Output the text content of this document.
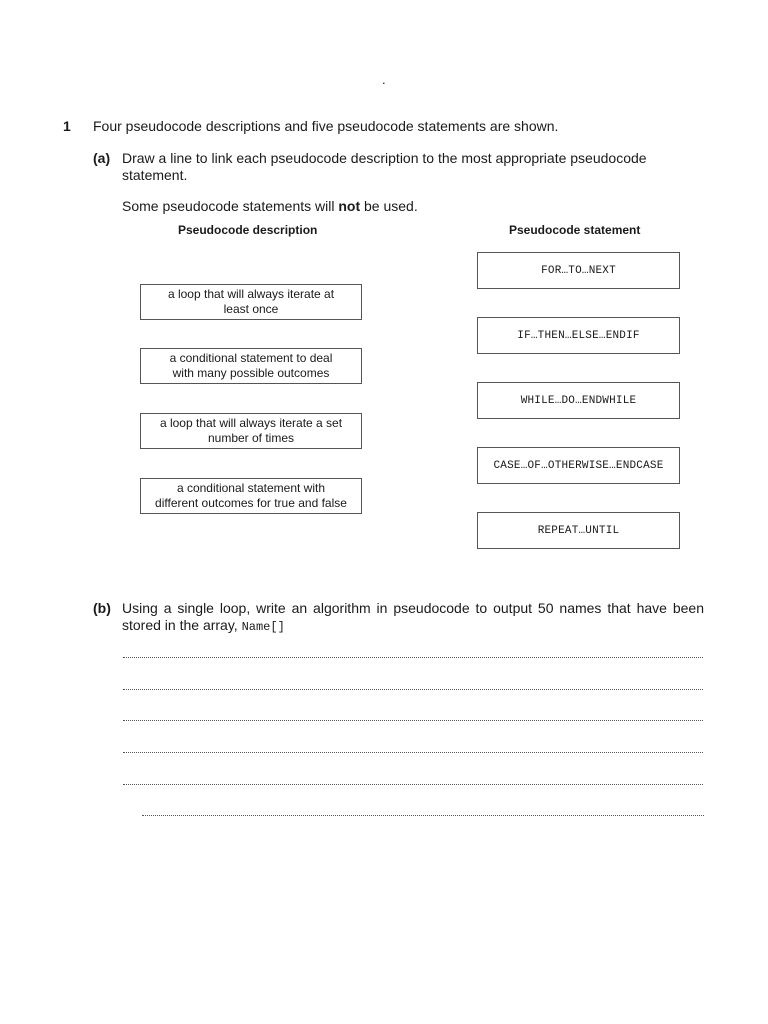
.
1 Four pseudocode descriptions and five pseudocode statements are shown.
(a) Draw a line to link each pseudocode description to the most appropriate pseudocode
statement.
Some pseudocode statements will not be used.
Pseudocode description	Pseudocode statement
a loop that will always iterate at
least once
a conditional statement to deal
with many possible outcomes
a loop that will always iterate a set
number of times
a conditional statement with
different outcomes for true and false
FOR…TO…NEXT
IF…THEN…ELSE…ENDIF
WHILE…DO…ENDWHILE
CASE…OF…OTHERWISE…ENDCASE
REPEAT…UNTIL
(b) Using a single loop, write an algorithm in pseudocode to output 50 names that have been
stored in the array, Name[]
